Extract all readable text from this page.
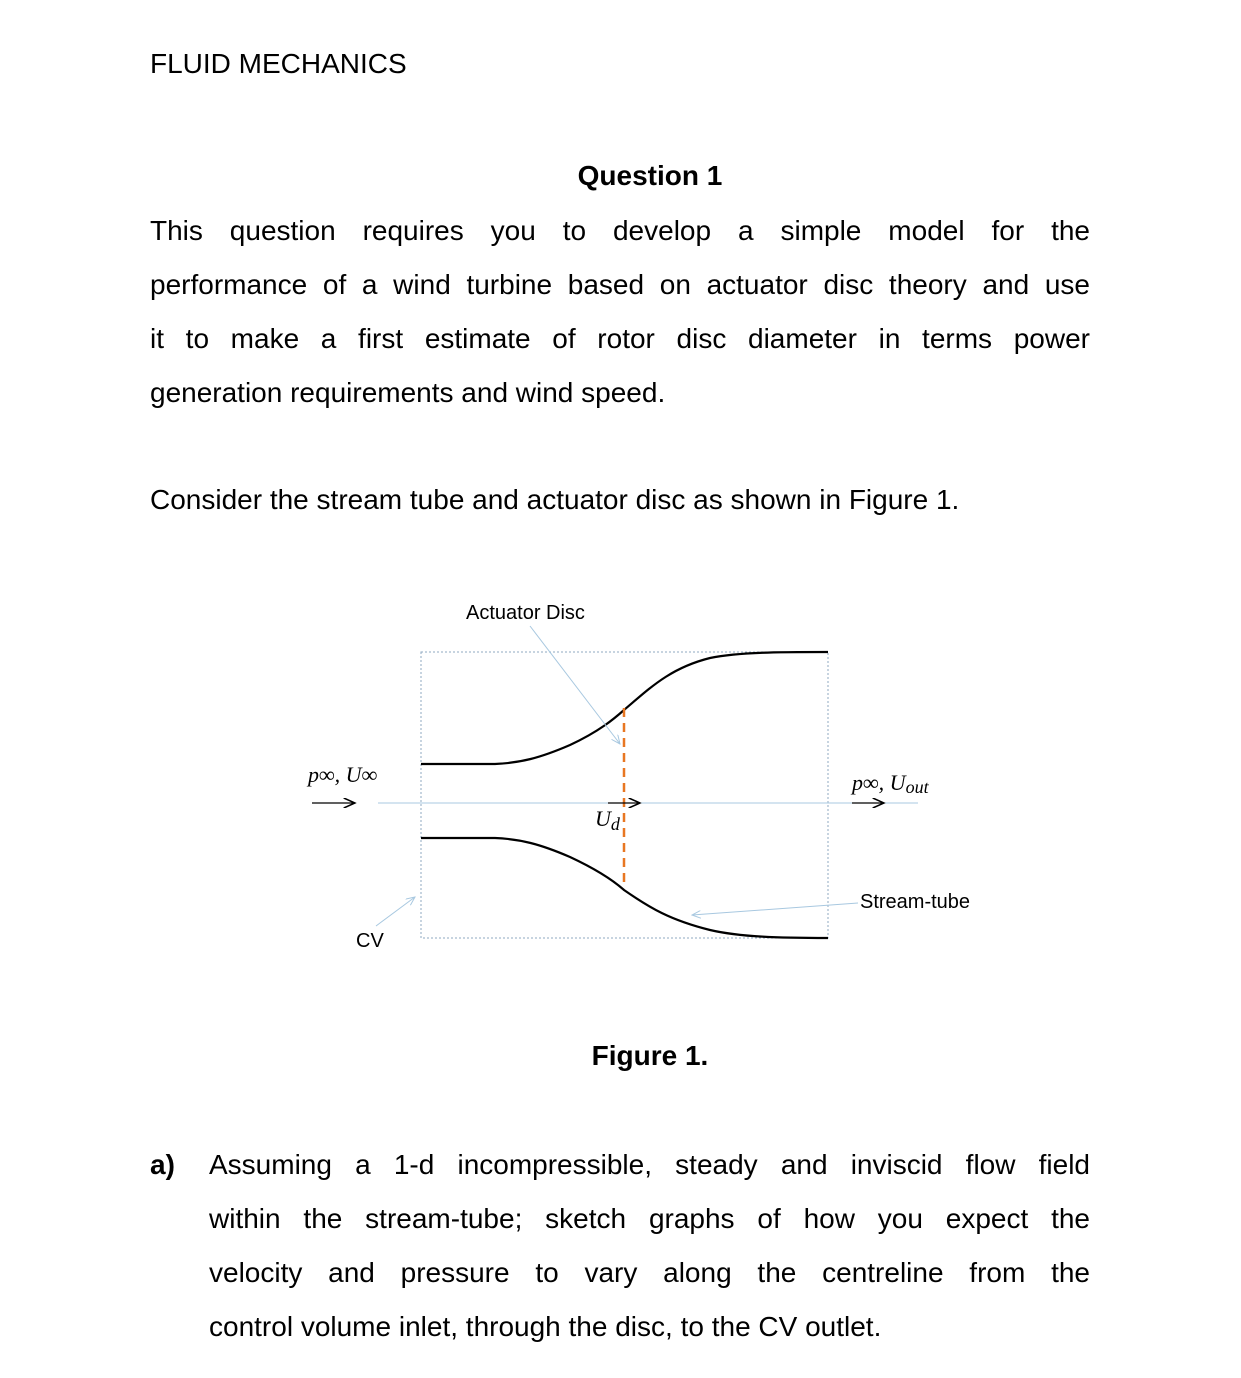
FLUID MECHANICS
Question 1
This question requires you to develop a simple model for the
performance of a wind turbine based on actuator disc theory and use
it to make a first estimate of rotor disc diameter in terms power
generation requirements and wind speed.
Consider the stream tube and actuator disc as shown in Figure 1.
Actuator Disc
p∞, U∞	p∞, Uout
Ud
Stream-tube
CV
Figure 1.
a) Assuming a 1-d incompressible, steady and inviscid flow field
within the stream-tube; sketch graphs of how you expect the
velocity and pressure to vary along the centreline from the
control volume inlet, through the disc, to the CV outlet.
